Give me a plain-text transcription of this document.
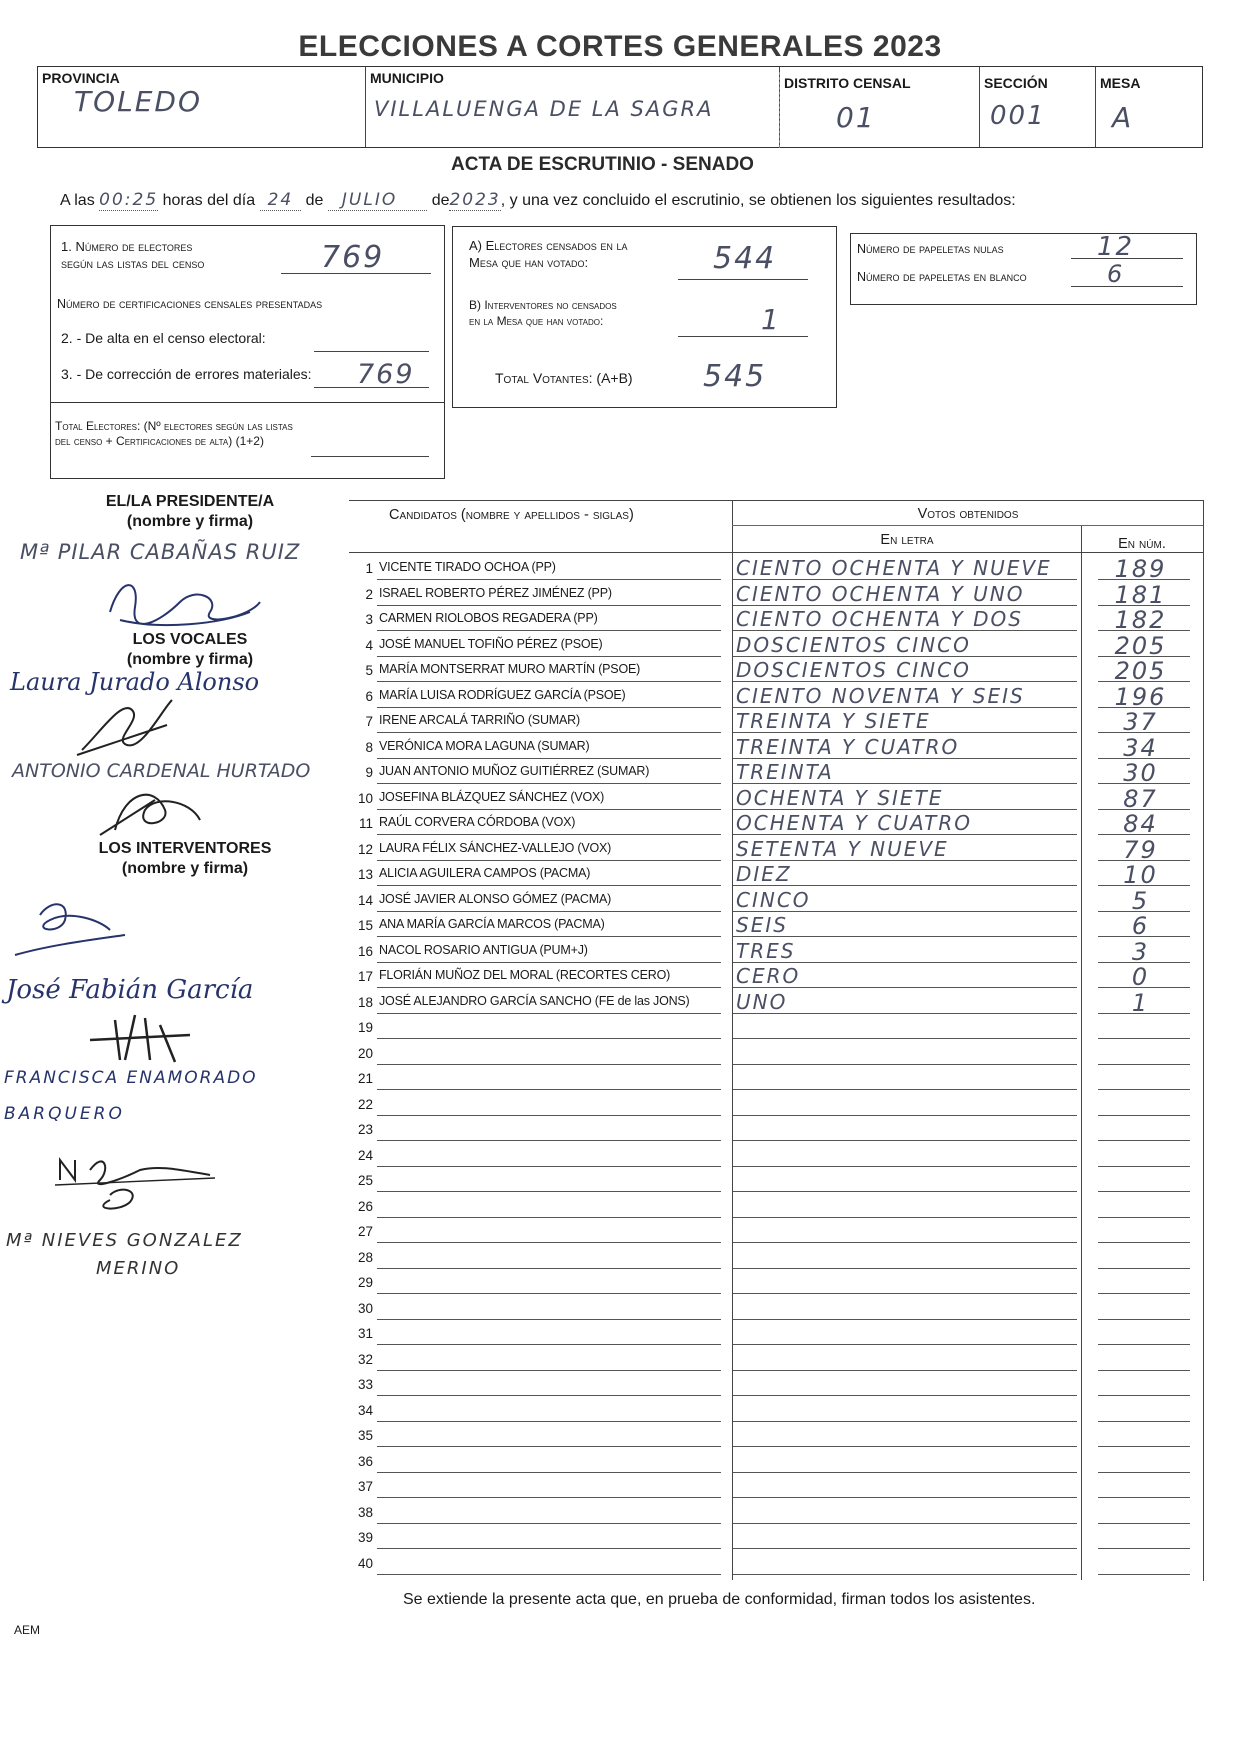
ELECCIONES A CORTES GENERALES 2023
PROVINCIA
TOLEDO
MUNICIPIO
VILLALUENGA DE LA SAGRA
DISTRITO CENSAL
01
SECCIÓN
001
MESA
A
ACTA DE ESCRUTINIO - SENADO
A las 00:25 horas del día 24 de JULIO de2023, y una vez concluido el escrutinio, se obtienen los siguientes resultados:
1. Número de electores
según las listas del censo	769
Número de certificaciones censales presentadas
2. - De alta en el censo electoral:
3. - De corrección de errores materiales: 769
Total Electores: (Nº electores según las listas
del censo + Certificaciones de alta) (1+2)
A) Electores censados en la
Mesa que han votado:	544
B) Interventores no censados
en la Mesa que han votado:	1
Total Votantes: (A+B) 545
Número de papeletas nulas	12
Número de papeletas en blanco	6
EL/LA PRESIDENTE/A
(nombre y firma)
Mª PILAR CABAÑAS RUIZ
LOS VOCALES
(nombre y firma)
Laura Jurado Alonso
ANTONIO CARDENAL HURTADO
LOS INTERVENTORES
(nombre y firma)
José Fabián García
FRANCISCA ENAMORADO
BARQUERO
Mª NIEVES GONZALEZ
MERINO
Candidatos (nombre y apellidos - siglas)	Votos obtenidos
En letra	En núm.
1 VICENTE TIRADO OCHOA (PP)	CIENTO OCHENTA Y NUEVE	189
2 ISRAEL ROBERTO PÉREZ JIMÉNEZ (PP)	CIENTO OCHENTA Y UNO	181
3 CARMEN RIOLOBOS REGADERA (PP)	CIENTO OCHENTA Y DOS	182
4 JOSÉ MANUEL TOFIÑO PÉREZ (PSOE)	DOSCIENTOS CINCO	205
5 MARÍA MONTSERRAT MURO MARTÍN (PSOE)	DOSCIENTOS CINCO	205
6 MARÍA LUISA RODRÍGUEZ GARCÍA (PSOE)	CIENTO NOVENTA Y SEIS	196
7 IRENE ARCALÁ TARRIÑO (SUMAR)	TREINTA Y SIETE	37
8 VERÓNICA MORA LAGUNA (SUMAR)	TREINTA Y CUATRO	34
9 JUAN ANTONIO MUÑOZ GUITIÉRREZ (SUMAR)	TREINTA	30
10 JOSEFINA BLÁZQUEZ SÁNCHEZ (VOX)	OCHENTA Y SIETE	87
11 RAÚL CORVERA CÓRDOBA (VOX)	OCHENTA Y CUATRO	84
12 LAURA FÉLIX SÁNCHEZ-VALLEJO (VOX)	SETENTA Y NUEVE	79
13 ALICIA AGUILERA CAMPOS (PACMA)	DIEZ	10
14 JOSÉ JAVIER ALONSO GÓMEZ (PACMA)	CINCO	5
15 ANA MARÍA GARCÍA MARCOS (PACMA)	SEIS	6
16 NACOL ROSARIO ANTIGUA (PUM+J)	TRES	3
17 FLORIÁN MUÑOZ DEL MORAL (RECORTES CERO)	CERO	0
18 JOSÉ ALEJANDRO GARCÍA SANCHO (FE de las JONS) UNO	1
19
20
21
22
23
24
25
26
27
28
29
30
31
32
33
34
35
36
37
38
39
40
Se extiende la presente acta que, en prueba de conformidad, firman todos los asistentes.
AEM
